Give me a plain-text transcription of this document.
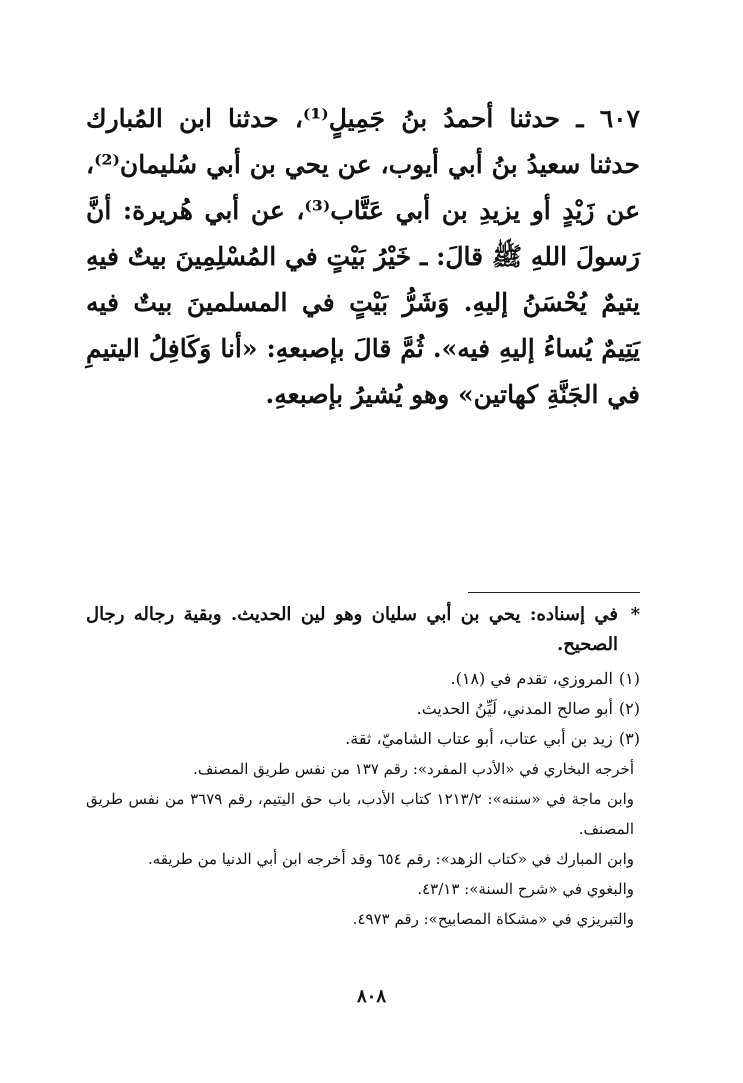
٦٠٧ ـ حدثنا أحمدُ بنُ جَمِيلٍ⁽¹⁾، حدثنا ابن المُبارك حدثنا سعيدُ بنُ أبي أيوب، عن يحي بن أبي سُليمان⁽²⁾، عن زَيْدٍ أو يزيدِ بن أبي عَتَّاب⁽³⁾، عن أبي هُريرة: أنَّ رَسولَ اللهِ ﷺ قالَ: ـ خَيْرُ بَيْتٍ في المُسْلِمِينَ بيتٌ فيهِ يتيمٌ يُحْسَنُ إليهِ. وَشَرُّ بَيْتٍ في المسلمينَ بيتٌ فيه يَتِيمٌ يُساءُ إليهِ فيه». ثُمَّ قالَ بإصبعهِ: «أنا وَكَافِلُ اليتيمِ في الجَنَّةِ كهاتين» وهو يُشيرُ بإصبعهِ.

*
في إسناده: يحي بن أبي سليان وهو لين الحديث. وبقية رجاله رجال الصحيح.

(١)
المروزي، تقدم في (١٨).

(٢)
أبو صالح المدني، لَيِّنُ الحديث.

(٣)
زيد بن أبي عتاب، أبو عتاب الشاميّ، ثقة.

أخرجه البخاري في «الأدب المفرد»: رقم ١٣٧ من نفس طريق المصنف.

وابن ماجة في «سننه»: ١٢١٣/٢ كتاب الأدب، باب حق اليتيم، رقم ٣٦٧٩ من نفس طريق المصنف.

وابن المبارك في «كتاب الزهد»: رقم ٦٥٤ وقد أخرجه ابن أبي الدنيا من طريقه.

والبغوي في «شرح السنة»: ٤٣/١٣.

والتبريزي في «مشكاة المصابيح»: رقم ٤٩٧٣.

٨٠٨
